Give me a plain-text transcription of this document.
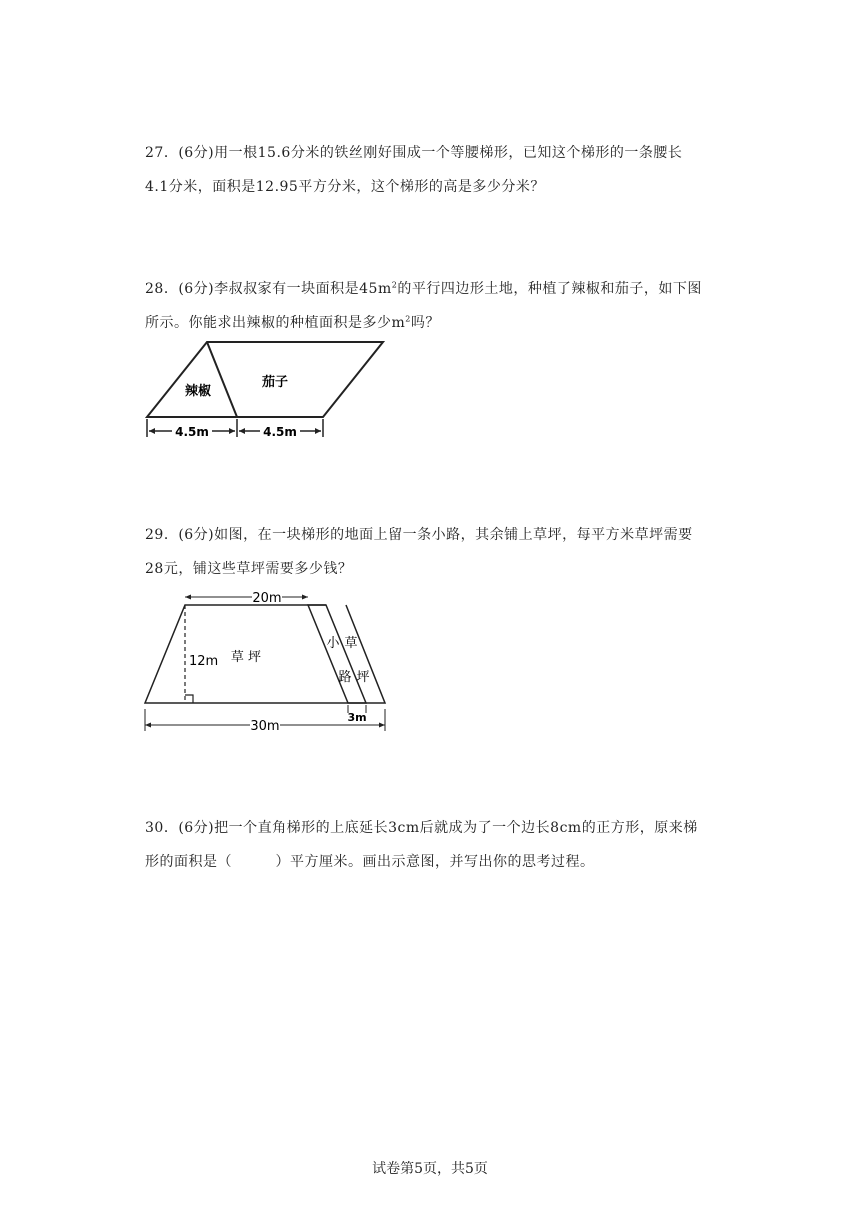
27．(6分)用一根15.6分米的铁丝刚好围成一个等腰梯形，已知这个梯形的一条腰长
4.1分米，面积是12.95平方分米，这个梯形的高是多少分米？
28．(6分)李叔叔家有一块面积是$45m^2$的平行四边形土地，种植了辣椒和茄子，如下图
所示。你能求出辣椒的种植面积是多少$m^2$吗？
辣椒
茄子
4.5m	4.5m
29．(6分)如图，在一块梯形的地面上留一条小路，其余铺上草坪，每平方米草坪需要
28元，铺这些草坪需要多少钱？
20m
12m 草 坪
小 草
路 坪
3m
30m
30．(6分)把一个直角梯形的上底延长3cm后就成为了一个边长8cm的正方形，原来梯
形的面积是（　　　）平方厘米。画出示意图，并写出你的思考过程。
试卷第5页，共5页
